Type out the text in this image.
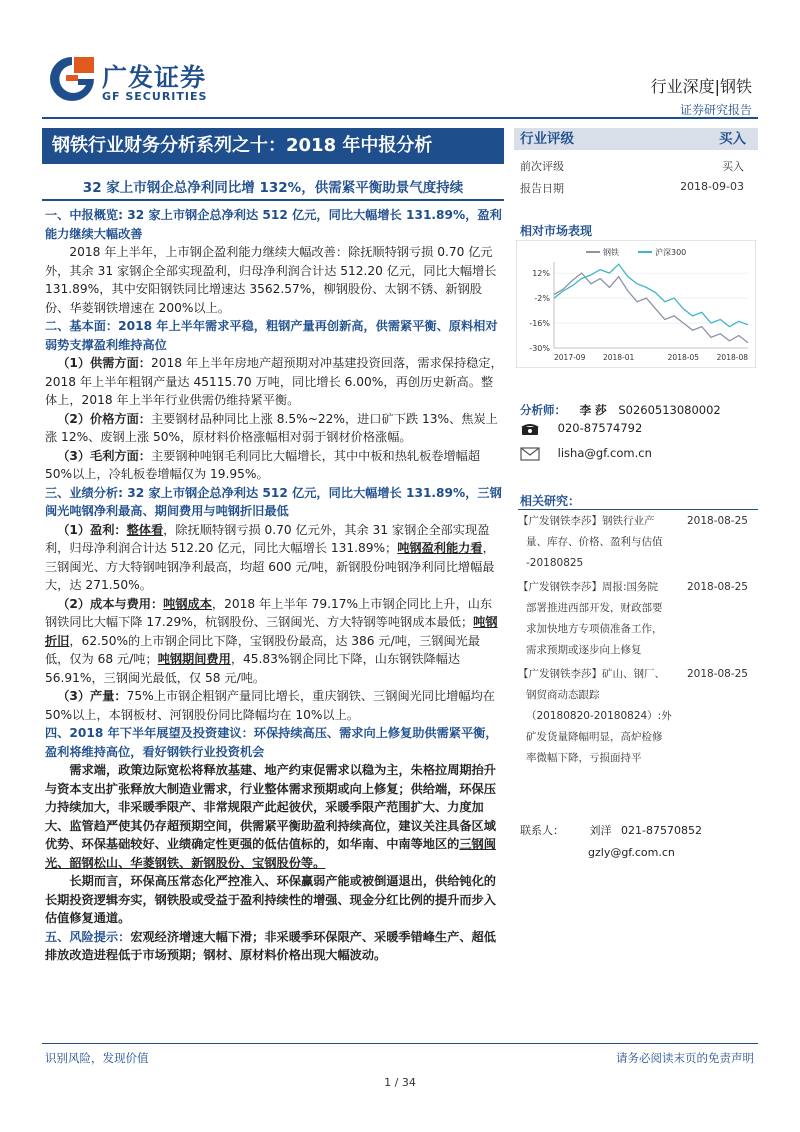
广发证券
GF SECURITIES
行业深度|钢铁
证券研究报告
钢铁行业财务分析系列之十：2018 年中报分析
32 家上市钢企总净利同比增 132%，供需紧平衡助景气度持续
一、中报概览: 32 家上市钢企总净利达 512 亿元，同比大幅增长 131.89%，盈利能力继续大幅改善
2018 年上半年，上市钢企盈利能力继续大幅改善：除抚顺特钢亏损 0.70 亿元外，其余 31 家钢企全部实现盈利，归母净利润合计达 512.20 亿元，同比大幅增长 131.89%，其中安阳钢铁同比增速达 3562.57%，柳钢股份、太钢不锈、新钢股份、华菱钢铁增速在 200%以上。
二、基本面：2018 年上半年需求平稳，粗钢产量再创新高，供需紧平衡、原料相对弱势支撑盈利维持高位
（1）供需方面：2018 年上半年房地产超预期对冲基建投资回落，需求保持稳定，2018 年上半年粗钢产量达 45115.70 万吨，同比增长 6.00%，再创历史新高。整体上，2018 年上半年行业供需仍维持紧平衡。
（2）价格方面：主要钢材品种同比上涨 8.5%~22%，进口矿下跌 13%、焦炭上涨 12%、废钢上涨 50%，原材料价格涨幅相对弱于钢材价格涨幅。
（3）毛利方面：主要钢种吨钢毛利同比大幅增长，其中中板和热轧板卷增幅超 50%以上，冷轧板卷增幅仅为 19.95%。
三、业绩分析: 32 家上市钢企总净利达 512 亿元，同比大幅增长 131.89%，三钢闽光吨钢净利最高、期间费用与吨钢折旧最低
（1）盈利：整体看，除抚顺特钢亏损 0.70 亿元外，其余 31 家钢企全部实现盈利，归母净利润合计达 512.20 亿元，同比大幅增长 131.89%；吨钢盈利能力看，三钢闽光、方大特钢吨钢净利最高，均超 600 元/吨，新钢股份吨钢净利同比增幅最大，达 271.50%。
（2）成本与费用：吨钢成本，2018 年上半年 79.17%上市钢企同比上升，山东钢铁同比大幅下降 17.29%，杭钢股份、三钢闽光、方大特钢等吨钢成本最低；吨钢折旧，62.50%的上市钢企同比下降，宝钢股份最高，达 386 元/吨，三钢闽光最低，仅为 68 元/吨；吨钢期间费用，45.83%钢企同比下降，山东钢铁降幅达 56.91%，三钢闽光最低，仅 58 元/吨。
（3）产量：75%上市钢企粗钢产量同比增长，重庆钢铁、三钢闽光同比增幅均在 50%以上，本钢板材、河钢股份同比降幅均在 10%以上。
四、2018 年下半年展望及投资建议：环保持续高压、需求向上修复助供需紧平衡，盈利将维持高位，看好钢铁行业投资机会
需求端，政策边际宽松将释放基建、地产约束促需求以稳为主，朱格拉周期抬升与资本支出扩张释放大制造业需求，行业整体需求预期或向上修复；供给端，环保压力持续加大，非采暖季限产、非常规限产此起彼伏，采暖季限产范围扩大、力度加大、监管趋严使其仍存超预期空间，供需紧平衡助盈利持续高位，建议关注具备区域优势、环保基础较好、业绩确定性更强的低估值标的，如华南、中南等地区的三钢闽光、韶钢松山、华菱钢铁、新钢股份、宝钢股份等。
长期而言，环保高压常态化严控准入、环保赢弱产能或被倒逼退出，供给钝化的长期投资逻辑夯实，钢铁股或受益于盈利持续性的增强、现金分红比例的提升而步入估值修复通道。
五、风险提示：宏观经济增速大幅下滑；非采暖季环保限产、采暖季错峰生产、超低排放改造进程低于市场预期；钢材、原材料价格出现大幅波动。
行业评级	买入
前次评级	买入
报告日期	2018-09-03
相对市场表现
钢铁	沪深300
12%
-2%
-16%
-30%
2017-09 2018-01	2018-05 2018-08
分析师： 李 莎 S0260513080002
020-87574792
lisha@gf.com.cn
相关研究：
【广发钢铁李莎】钢铁行业产	2018-08-25
量、库存、价格、盈利与估值
-20180825
【广发钢铁李莎】周报:国务院	2018-08-25
部署推进西部开发，财政部要
求加快地方专项债准备工作，
需求预期或逐步向上修复
【广发钢铁李莎】矿山、钢厂、 2018-08-25
钢贸商动态跟踪
（20180820-20180824）:外
矿发货量降幅明显，高炉检修
率微幅下降，亏损面持平
联系人： 刘洋 021-87570852
gzly@gf.com.cn
识别风险，发现价值	请务必阅读末页的免责声明
1 / 34
